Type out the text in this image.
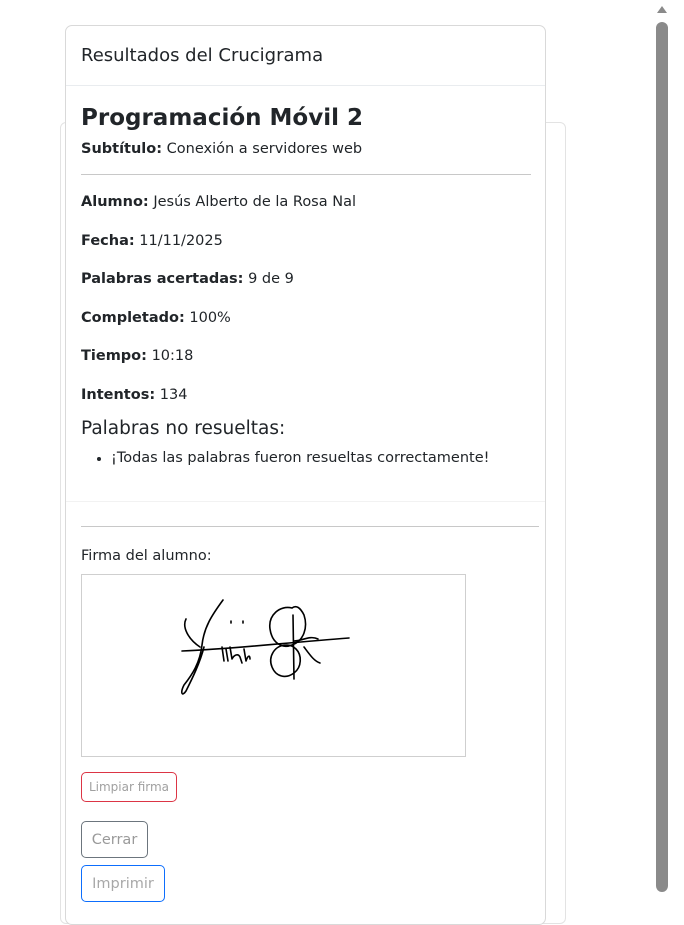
Resultados del Crucigrama
Programación Móvil 2
Subtítulo: Conexión a servidores web
Alumno: Jesús Alberto de la Rosa Nal
Fecha: 11/11/2025
Palabras acertadas: 9 de 9
Completado: 100%
Tiempo: 10:18
Intentos: 134
Palabras no resueltas:
• ¡Todas las palabras fueron resueltas correctamente!
Firma del alumno:
Limpiar firma
Cerrar
Imprimir
